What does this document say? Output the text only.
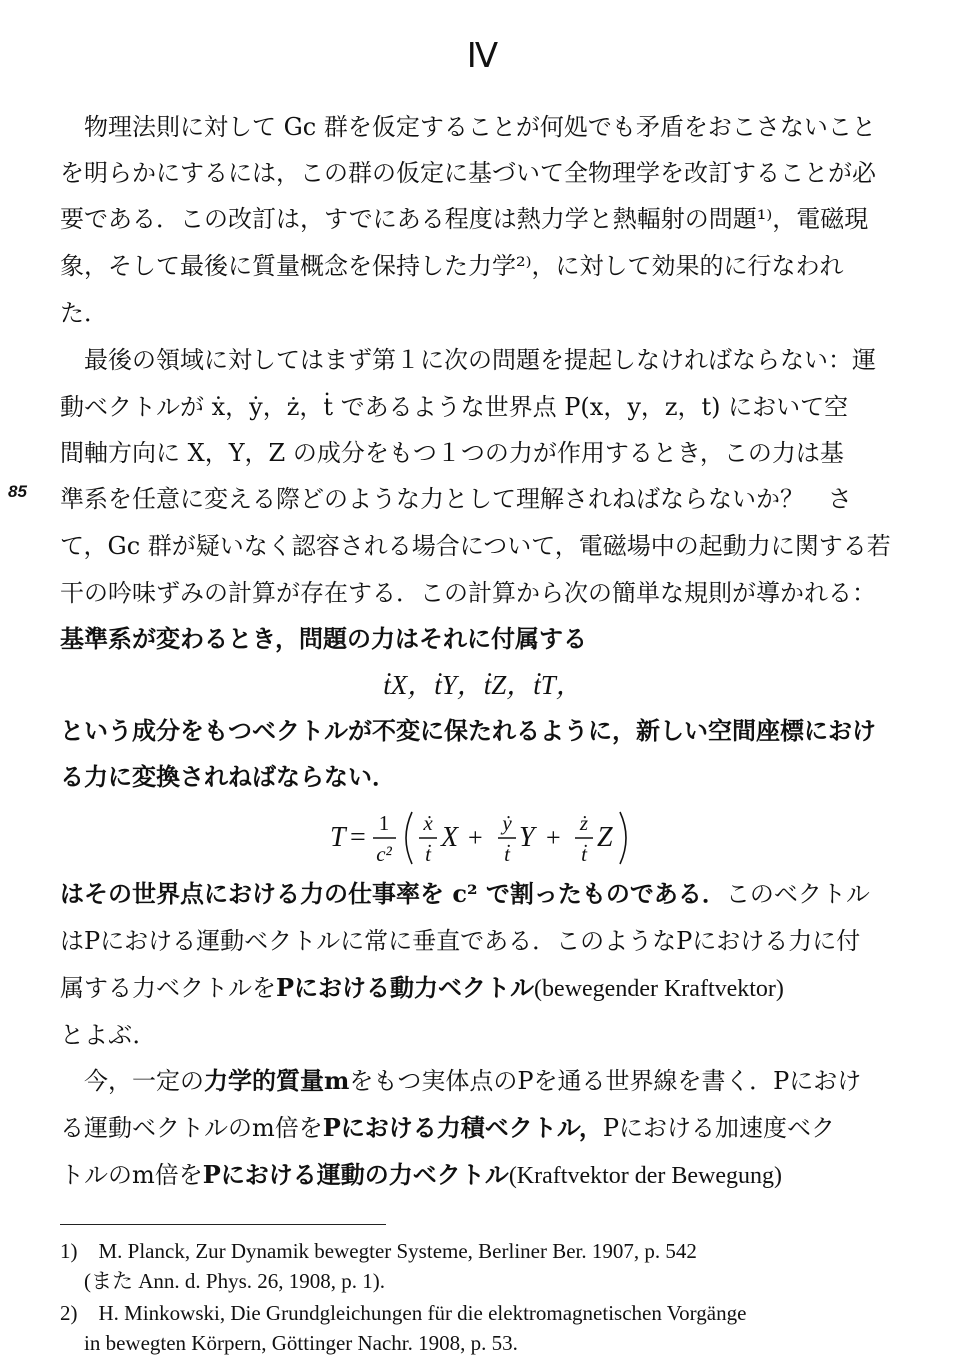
Ⅳ
物理法則に対して Gc 群を仮定することが何処でも矛盾をおこさないこと
を明らかにするには，この群の仮定に基づいて全物理学を改訂することが必
要である．この改訂は，すでにある程度は熱力学と熱輻射の問題¹⁾，電磁現
象，そして最後に質量概念を保持した力学²⁾，に対して効果的に行なわれ
た．
最後の領域に対してはまず第１に次の問題を提起しなければならない：運
動ベクトルが ẋ，ẏ，ż，ṫ であるような世界点 P(x，y，z，t) において空
間軸方向に X，Y，Z の成分をもつ１つの力が作用するとき，この力は基
準系を任意に変える際どのような力として理解されねばならないか？　さ
て，Gc 群が疑いなく認容される場合について，電磁場中の起動力に関する若
干の吟味ずみの計算が存在する．この計算から次の簡単な規則が導かれる：
85
基準系が変わるとき，問題の力はそれに付属する
ṫX，ṫY，ṫZ，ṫT，
という成分をもつベクトルが不変に保たれるように，新しい空間座標におけ
る力に変換されねばならない．
T = 1
c²
ẋ
ṫ
X + ẏ
ṫ
Y + ż
ṫ
Z
はその世界点における力の仕事率を c² で割ったものである．このベクトル
はPにおける運動ベクトルに常に垂直である．このようなPにおける力に付
属する力ベクトルをPにおける動力ベクトル(bewegender Kraftvektor)
とよぶ．
今，一定の力学的質量mをもつ実体点のPを通る世界線を書く．Pにおけ
る運動ベクトルのm倍をPにおける力積ベクトル，Pにおける加速度ベク
トルのm倍をPにおける運動の力ベクトル(Kraftvektor der Bewegung)
1)　M. Planck, Zur Dynamik bewegter Systeme, Berliner Ber. 1907, p. 542
(また Ann. d. Phys. 26, 1908, p. 1).
2)　H. Minkowski, Die Grundgleichungen für die elektromagnetischen Vorgänge
in bewegten Körpern, Göttinger Nachr. 1908, p. 53.
